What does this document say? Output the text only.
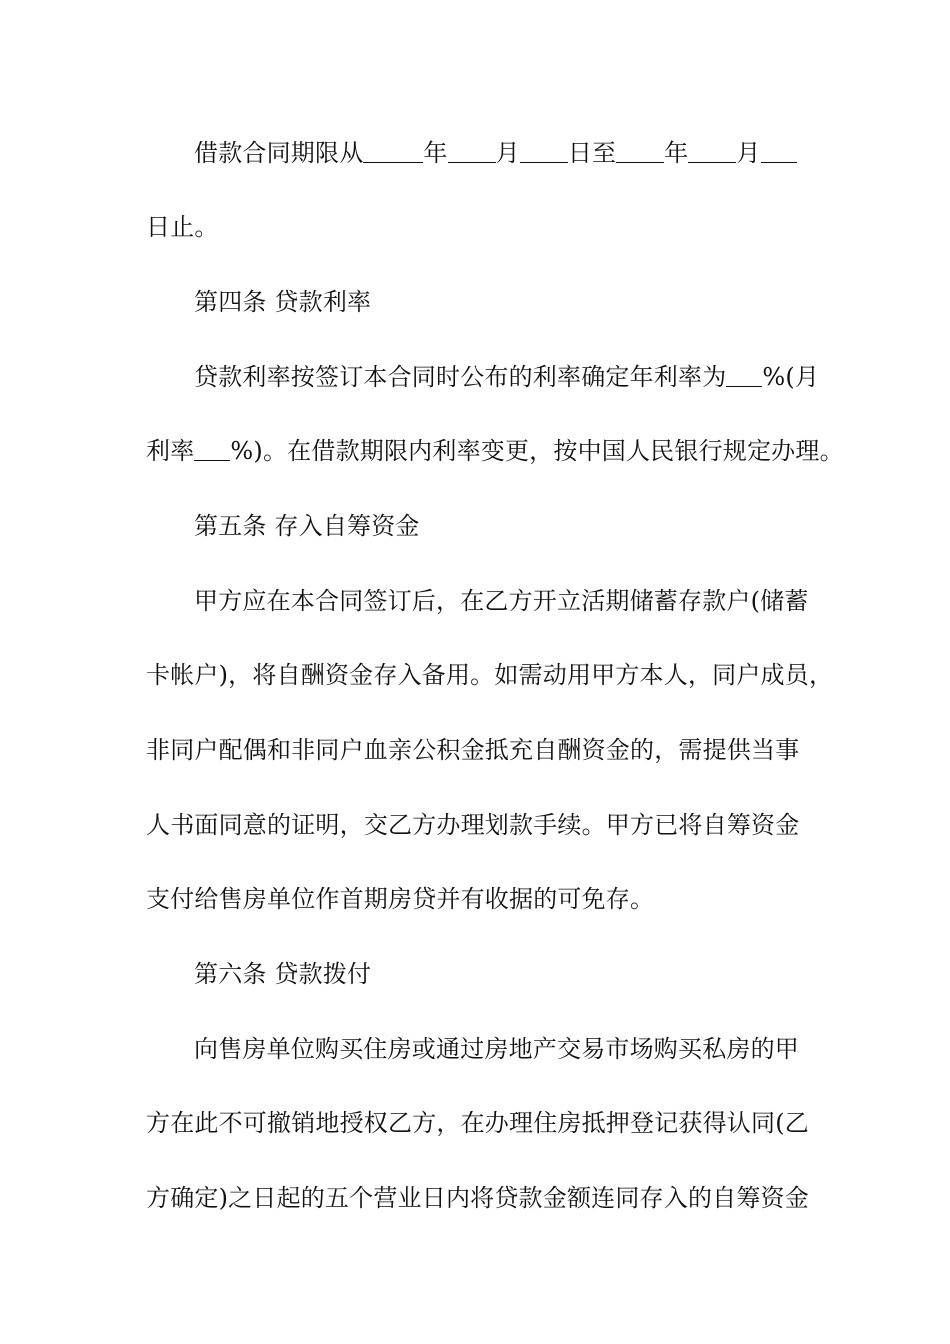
借款合同期限从	年 月 日至 年 月
日止。
第四条 贷款利率
贷款利率按签订本合同时公布的利率确定年利率为 %(月
利率 %)。在借款期限内利率变更，按中国人民银行规定办理。
第五条 存入自筹资金
甲方应在本合同签订后，在乙方开立活期储蓄存款户(储蓄
卡帐户)，将自酬资金存入备用。如需动用甲方本人，同户成员，
非同户配偶和非同户血亲公积金抵充自酬资金的，需提供当事
人书面同意的证明，交乙方办理划款手续。甲方已将自筹资金
支付给售房单位作首期房贷并有收据的可免存。
第六条 贷款拨付
向售房单位购买住房或通过房地产交易市场购买私房的甲
方在此不可撤销地授权乙方，在办理住房抵押登记获得认同(乙
方确定)之日起的五个营业日内将贷款金额连同存入的自筹资金
